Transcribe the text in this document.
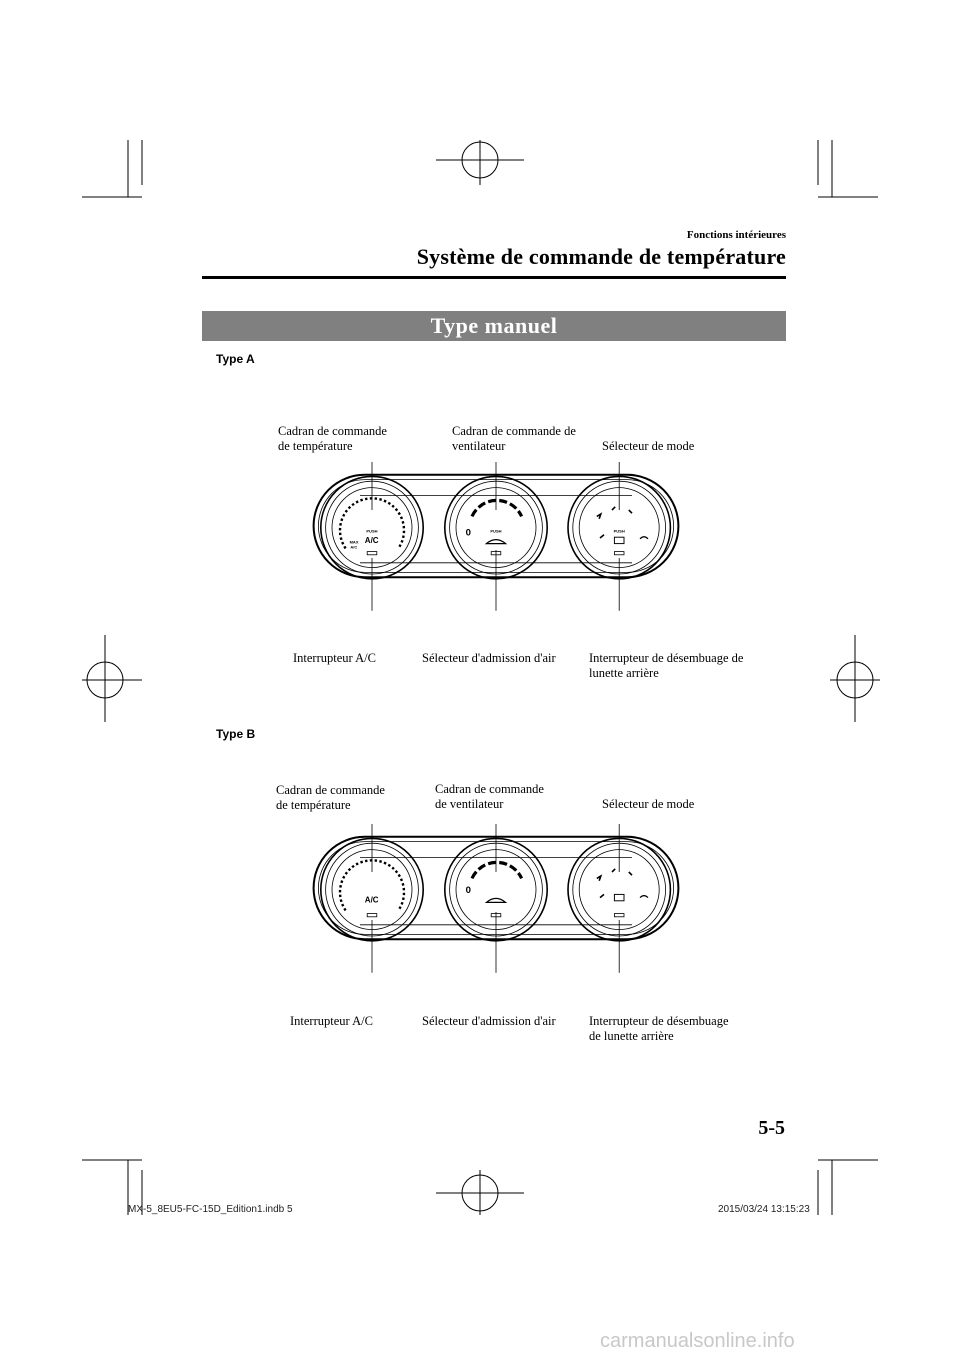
Fonctions intérieures
Système de commande de température
Type manuel
Type A
Cadran de commande
de température
Cadran de commande de
ventilateur	Sélecteur de mode
Interrupteur A/C	Sélecteur d'admission d'air	Interrupteur de désembuage de
lunette arrière
PUSH
A/C
MAX
A/C
PUSH
0	PUSH
Type B
Cadran de commande
de température
Cadran de commande
de ventilateur	Sélecteur de mode
Interrupteur A/C	Sélecteur d'admission d'air	Interrupteur de désembuage
de lunette arrière
A/C
0
5-5
MX-5_8EU5-FC-15D_Edition1.indb 5	2015/03/24 13:15:23
carmanualsonline.info
